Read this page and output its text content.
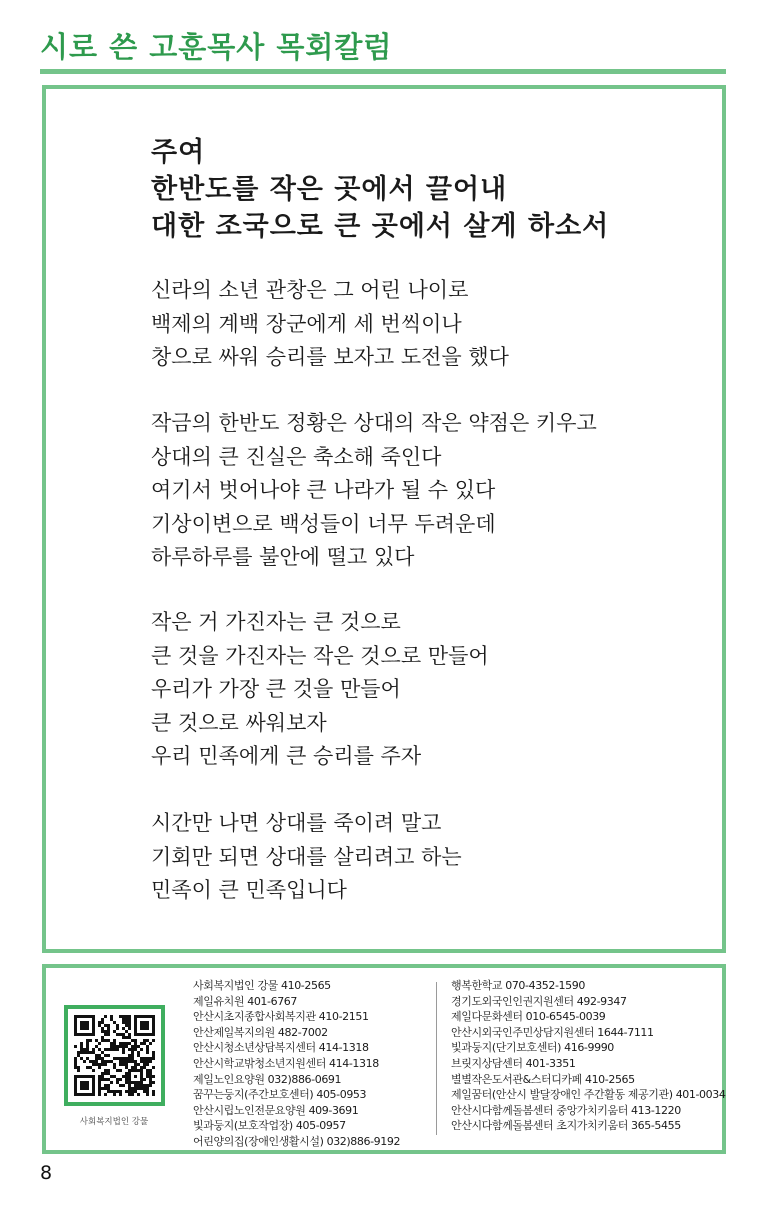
시로 쓴 고훈목사 목회칼럼
주여
한반도를 작은 곳에서 끌어내
대한 조국으로 큰 곳에서 살게 하소서
신라의 소년 관창은 그 어린 나이로
백제의 계백 장군에게 세 번씩이나
창으로 싸워 승리를 보자고 도전을 했다
작금의 한반도 정황은 상대의 작은 약점은 키우고
상대의 큰 진실은 축소해 죽인다
여기서 벗어나야 큰 나라가 될 수 있다
기상이변으로 백성들이 너무 두려운데
하루하루를 불안에 떨고 있다
작은 거 가진자는 큰 것으로
큰 것을 가진자는 작은 것으로 만들어
우리가 가장 큰 것을 만들어
큰 것으로 싸워보자
우리 민족에게 큰 승리를 주자
시간만 나면 상대를 죽이려 말고
기회만 되면 상대를 살리려고 하는
민족이 큰 민족입니다
사회복지법인 강물
사회복지법인 강물 410-2565
제일유치원 401-6767
안산시초지종합사회복지관 410-2151
안산제일복지의원 482-7002
안산시청소년상담복지센터 414-1318
안산시학교밖청소년지원센터 414-1318
제일노인요양원 032)886-0691
꿈꾸는둥지(주간보호센터) 405-0953
안산시립노인전문요양원 409-3691
빛과둥지(보호작업장) 405-0957
어린양의집(장애인생활시설) 032)886-9192
행복한학교 070-4352-1590
경기도외국인인권지원센터 492-9347
제일다문화센터 010-6545-0039
안산시외국인주민상담지원센터 1644-7111
빛과둥지(단기보호센터) 416-9990
브릿지상담센터 401-3351
별별작은도서관&스터디카페 410-2565
제일꿈터(안산시 발달장애인 주간활동 제공기관) 401-0034
안산시다함께돌봄센터 중앙가치키움터 413-1220
안산시다함께돌봄센터 초지가치키움터 365-5455
8
